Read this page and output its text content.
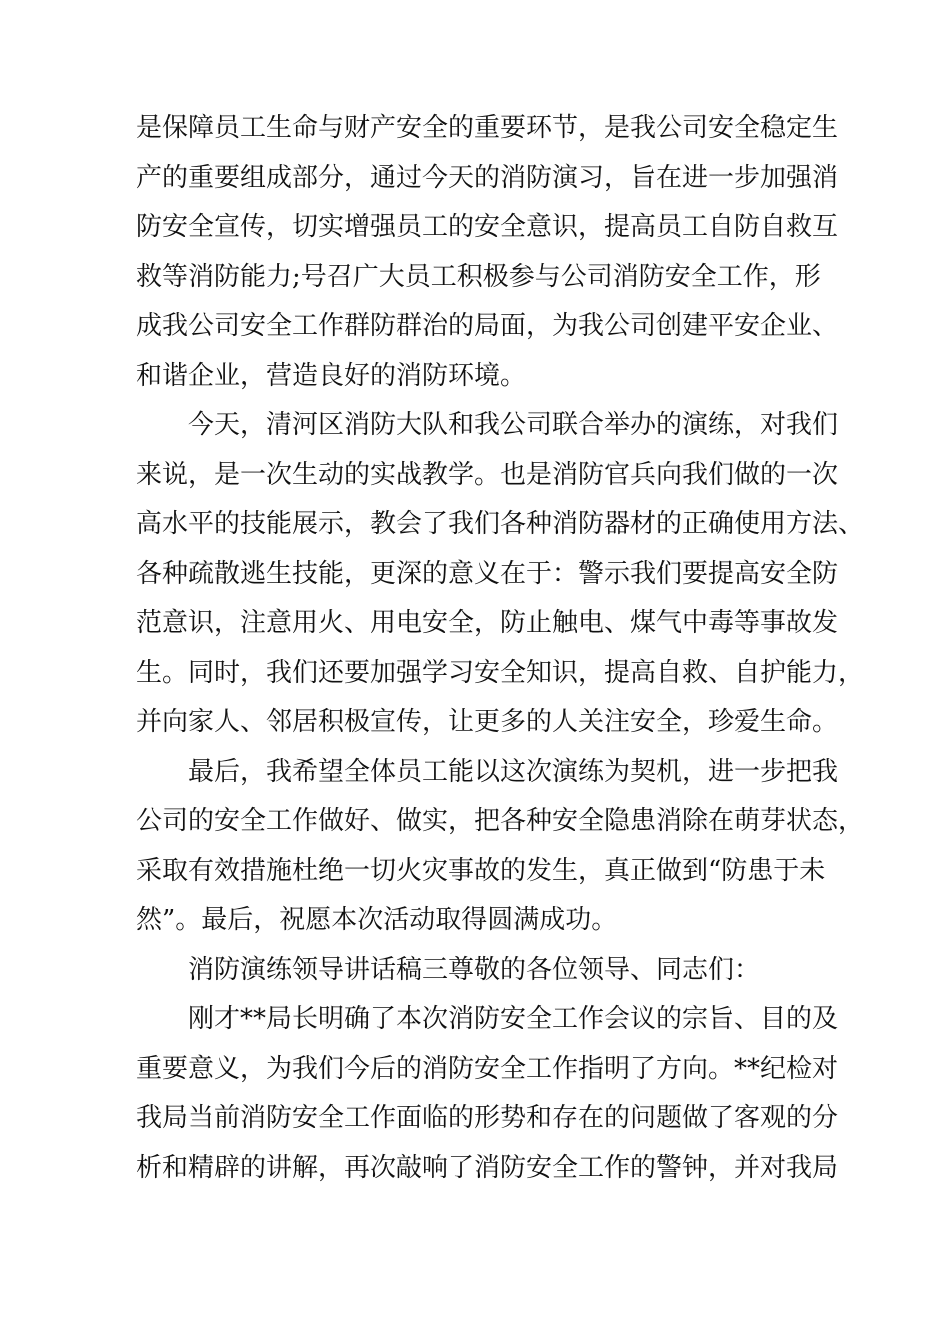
是保障员工生命与财产安全的重要环节，是我公司安全稳定生
产的重要组成部分，通过今天的消防演习，旨在进一步加强消
防安全宣传，切实增强员工的安全意识，提高员工自防自救互
救等消防能力;号召广大员工积极参与公司消防安全工作，形
成我公司安全工作群防群治的局面，为我公司创建平安企业、
和谐企业，营造良好的消防环境。
今天，清河区消防大队和我公司联合举办的演练，对我们
来说，是一次生动的实战教学。也是消防官兵向我们做的一次
高水平的技能展示，教会了我们各种消防器材的正确使用方法、
各种疏散逃生技能，更深的意义在于：警示我们要提高安全防
范意识，注意用火、用电安全，防止触电、煤气中毒等事故发
生。同时，我们还要加强学习安全知识，提高自救、自护能力，
并向家人、邻居积极宣传，让更多的人关注安全，珍爱生命。
最后，我希望全体员工能以这次演练为契机，进一步把我
公司的安全工作做好、做实，把各种安全隐患消除在萌芽状态，
采取有效措施杜绝一切火灾事故的发生，真正做到“防患于未
然”。最后，祝愿本次活动取得圆满成功。
消防演练领导讲话稿三尊敬的各位领导、同志们：
刚才**局长明确了本次消防安全工作会议的宗旨、目的及
重要意义，为我们今后的消防安全工作指明了方向。**纪检对
我局当前消防安全工作面临的形势和存在的问题做了客观的分
析和精辟的讲解，再次敲响了消防安全工作的警钟，并对我局
